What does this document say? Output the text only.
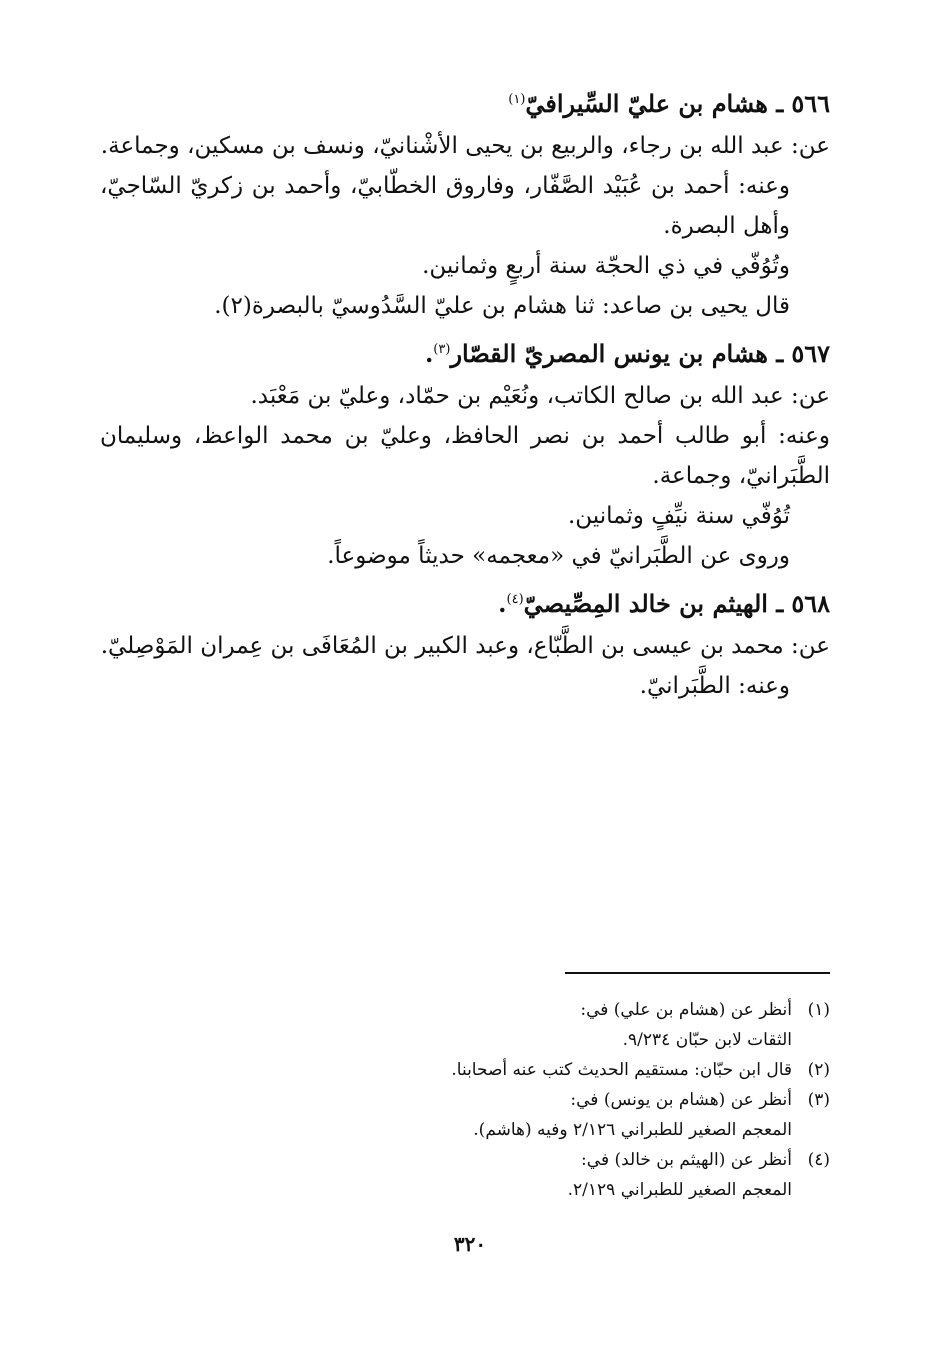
٥٦٦ـ هشام بن عليّ السِّيرافيّ$^{(١)}$

عن: عبد الله بن رجاء، والربيع بن يحيى الأشْنانيّ، ونسف بن مسكين، وجماعة.

وعنه: أحمد بن عُبَيْد الصَّفّار، وفاروق الخطّابيّ، وأحمد بن زكريّ السّاجيّ، وأهل البصرة.

وتُوُفّي في ذي الحجّة سنة أربعٍ وثمانين.

قال يحيى بن صاعد: ثنا هشام بن عليّ السَّدُوسيّ بالبصرة(٢).

٥٦٧ـ هشام بن يونس المصريّ القصّار$^{(٣)}$.

عن: عبد الله بن صالح الكاتب، ونُعَيْم بن حمّاد، وعليّ بن مَعْبَد.

وعنه: أبو طالب أحمد بن نصر الحافظ، وعليّ بن محمد الواعظ، وسليمان الطَّبَرانيّ، وجماعة.

تُوُفّي سنة نيِّفٍ وثمانين.

وروى عن الطَّبَرانيّ في «معجمه» حديثاً موضوعاً.

٥٦٨ـ الهيثم بن خالد المِصِّيصيّ$^{(٤)}$.

عن: محمد بن عيسى بن الطَّبّاع، وعبد الكبير بن المُعَافَى بن عِمران المَوْصِليّ.

وعنه: الطَّبَرانيّ.

(١)
أنظر عن (هشام بن علي) في:
الثقات لابن حبّان ٩/٢٣٤.
(٢)
قال ابن حبّان: مستقيم الحديث كتب عنه أصحابنا.
(٣)
أنظر عن (هشام بن يونس) في:
المعجم الصغير للطبراني ٢/١٢٦ وفيه (هاشم).
(٤)
أنظر عن (الهيثم بن خالد) في:
المعجم الصغير للطبراني ٢/١٢٩.
٣٢٠
